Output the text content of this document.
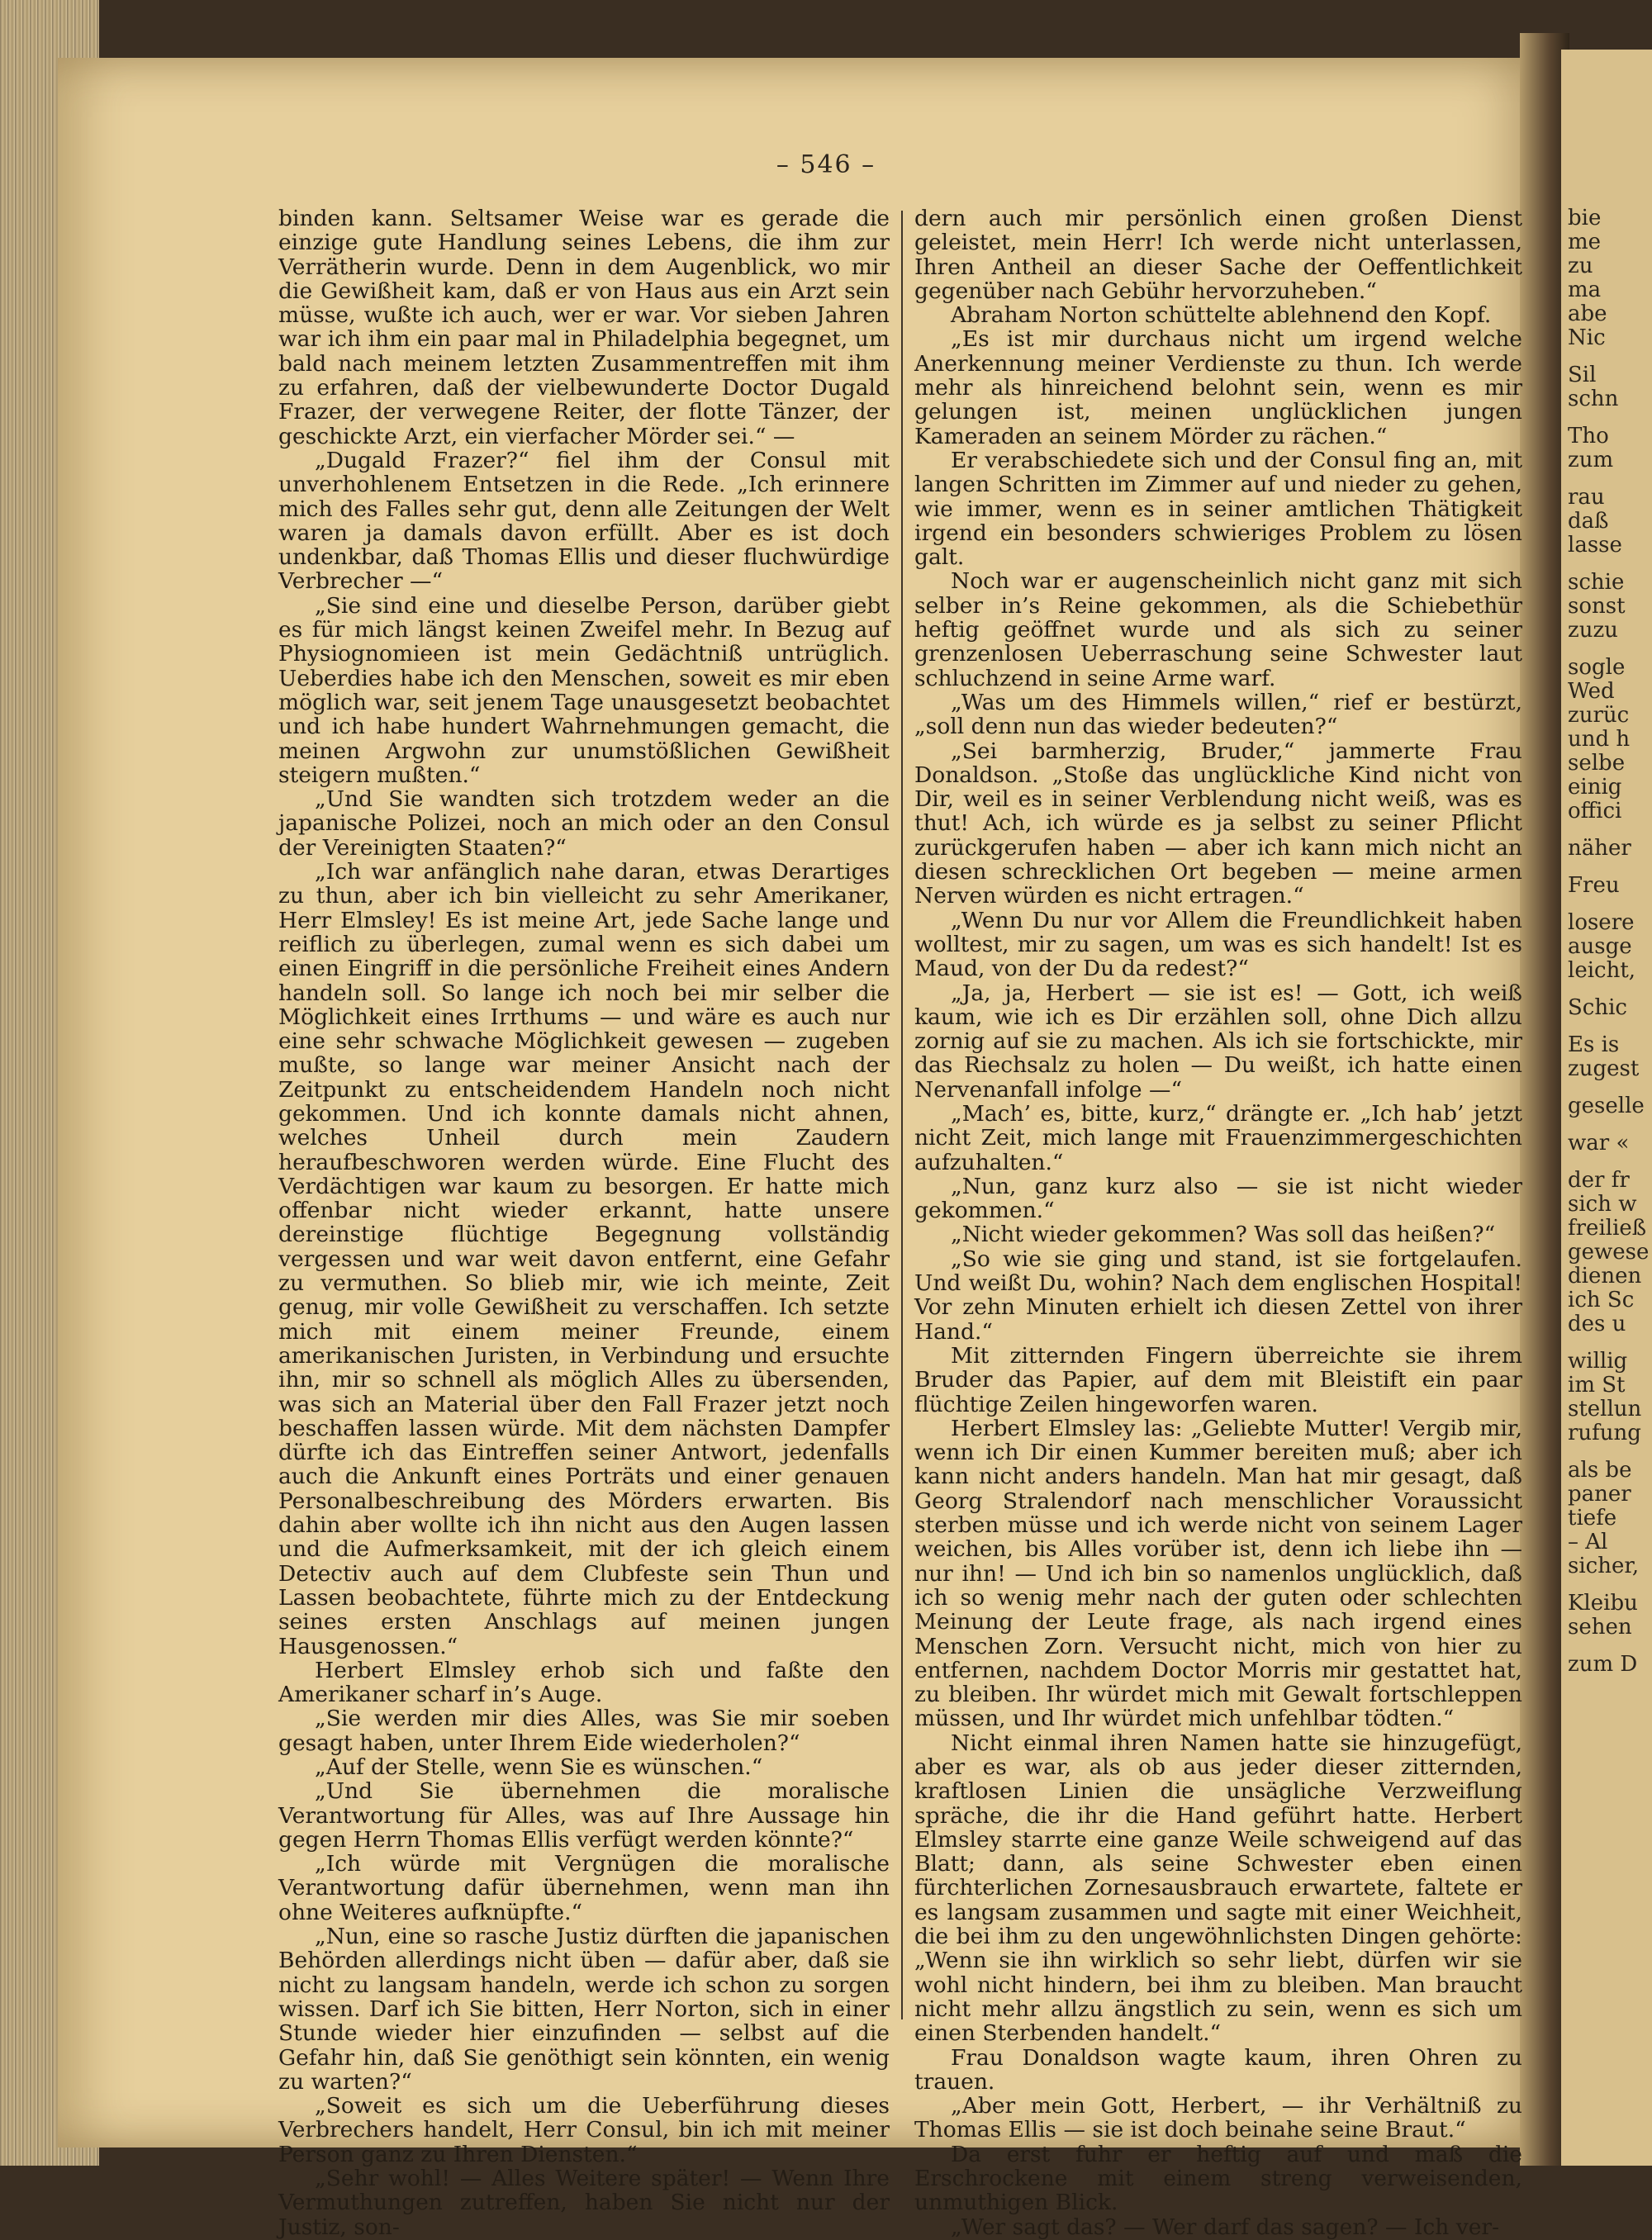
bie
me
zu
ma
abe
Nic
Sil
schn
Tho
zum
rau
daß
lasse
schie
sonst
zuzu
sogle
Wed
zurüc
und h
selbe
einig
offici
näher
Freu
losere
ausge
leicht,
Schic
Es is
zugest
geselle
war «
der fr
sich w
freiließ
gewese
dienen
ich Sc
des u
willig
im St
stellun
rufung
als be
paner
tiefe
– Al
sicher,
Kleibu
sehen
zum D
– 546 –

binden kann. Seltsamer Weise war es gerade die einzige gute Handlung seines Lebens, die ihm zur Verrätherin wurde. Denn in dem Augenblick, wo mir die Gewißheit kam, daß er von Haus aus ein Arzt sein müsse, wußte ich auch, wer er war. Vor sieben Jahren war ich ihm ein paar mal in Philadelphia begegnet, um bald nach meinem letzten Zusammentreffen mit ihm zu erfahren, daß der vielbewunderte Doctor Dugald Frazer, der verwegene Reiter, der flotte Tänzer, der geschickte Arzt, ein vierfacher Mörder sei.“ —

„Dugald Frazer?“ fiel ihm der Consul mit unverhohlenem Entsetzen in die Rede. „Ich erinnere mich des Falles sehr gut, denn alle Zeitungen der Welt waren ja damals davon erfüllt. Aber es ist doch undenkbar, daß Thomas Ellis und dieser fluchwürdige Verbrecher —“

„Sie sind eine und dieselbe Person, darüber giebt es für mich längst keinen Zweifel mehr. In Bezug auf Physiognomieen ist mein Gedächtniß untrüglich. Ueberdies habe ich den Menschen, soweit es mir eben möglich war, seit jenem Tage unausgesetzt beobachtet und ich habe hundert Wahrnehmungen gemacht, die meinen Argwohn zur unumstößlichen Gewißheit steigern mußten.“

„Und Sie wandten sich trotzdem weder an die japanische Polizei, noch an mich oder an den Consul der Vereinigten Staaten?“

„Ich war anfänglich nahe daran, etwas Derartiges zu thun, aber ich bin vielleicht zu sehr Amerikaner, Herr Elmsley! Es ist meine Art, jede Sache lange und reiflich zu überlegen, zumal wenn es sich dabei um einen Eingriff in die persönliche Freiheit eines Andern handeln soll. So lange ich noch bei mir selber die Möglichkeit eines Irrthums — und wäre es auch nur eine sehr schwache Möglichkeit gewesen — zugeben mußte, so lange war meiner Ansicht nach der Zeitpunkt zu entscheidendem Handeln noch nicht gekommen. Und ich konnte damals nicht ahnen, welches Unheil durch mein Zaudern heraufbeschworen werden würde. Eine Flucht des Verdächtigen war kaum zu besorgen. Er hatte mich offenbar nicht wieder erkannt, hatte unsere dereinstige flüchtige Begegnung vollständig vergessen und war weit davon entfernt, eine Gefahr zu vermuthen. So blieb mir, wie ich meinte, Zeit genug, mir volle Gewißheit zu verschaffen. Ich setzte mich mit einem meiner Freunde, einem amerikanischen Juristen, in Verbindung und ersuchte ihn, mir so schnell als möglich Alles zu übersenden, was sich an Material über den Fall Frazer jetzt noch beschaffen lassen würde. Mit dem nächsten Dampfer dürfte ich das Eintreffen seiner Antwort, jedenfalls auch die Ankunft eines Porträts und einer genauen Personalbeschreibung des Mörders erwarten. Bis dahin aber wollte ich ihn nicht aus den Augen lassen und die Aufmerksamkeit, mit der ich gleich einem Detectiv auch auf dem Clubfeste sein Thun und Lassen beobachtete, führte mich zu der Entdeckung seines ersten Anschlags auf meinen jungen Hausgenossen.“

Herbert Elmsley erhob sich und faßte den Amerikaner scharf in’s Auge.

„Sie werden mir dies Alles, was Sie mir soeben gesagt haben, unter Ihrem Eide wiederholen?“

„Auf der Stelle, wenn Sie es wünschen.“

„Und Sie übernehmen die moralische Verantwortung für Alles, was auf Ihre Aussage hin gegen Herrn Thomas Ellis verfügt werden könnte?“

„Ich würde mit Vergnügen die moralische Verantwortung dafür übernehmen, wenn man ihn ohne Weiteres aufknüpfte.“

„Nun, eine so rasche Justiz dürften die japanischen Behörden allerdings nicht üben — dafür aber, daß sie nicht zu langsam handeln, werde ich schon zu sorgen wissen. Darf ich Sie bitten, Herr Norton, sich in einer Stunde wieder hier einzufinden — selbst auf die Gefahr hin, daß Sie genöthigt sein könnten, ein wenig zu warten?“

„Soweit es sich um die Ueberführung dieses Verbrechers handelt, Herr Consul, bin ich mit meiner Person ganz zu Ihren Diensten.“

„Sehr wohl! — Alles Weitere später! — Wenn Ihre Vermuthungen zutreffen, haben Sie nicht nur der Justiz, son-

dern auch mir persönlich einen großen Dienst geleistet, mein Herr! Ich werde nicht unterlassen, Ihren Antheil an dieser Sache der Oeffentlichkeit gegenüber nach Gebühr hervorzuheben.“

Abraham Norton schüttelte ablehnend den Kopf.

„Es ist mir durchaus nicht um irgend welche Anerkennung meiner Verdienste zu thun. Ich werde mehr als hinreichend belohnt sein, wenn es mir gelungen ist, meinen unglücklichen jungen Kameraden an seinem Mörder zu rächen.“

Er verabschiedete sich und der Consul fing an, mit langen Schritten im Zimmer auf und nieder zu gehen, wie immer, wenn es in seiner amtlichen Thätigkeit irgend ein besonders schwieriges Problem zu lösen galt.

Noch war er augenscheinlich nicht ganz mit sich selber in’s Reine gekommen, als die Schiebethür heftig geöffnet wurde und als sich zu seiner grenzenlosen Ueberraschung seine Schwester laut schluchzend in seine Arme warf.

„Was um des Himmels willen,“ rief er bestürzt, „soll denn nun das wieder bedeuten?“

„Sei barmherzig, Bruder,“ jammerte Frau Donaldson. „Stoße das unglückliche Kind nicht von Dir, weil es in seiner Verblendung nicht weiß, was es thut! Ach, ich würde es ja selbst zu seiner Pflicht zurückgerufen haben — aber ich kann mich nicht an diesen schrecklichen Ort begeben — meine armen Nerven würden es nicht ertragen.“

„Wenn Du nur vor Allem die Freundlichkeit haben wolltest, mir zu sagen, um was es sich handelt! Ist es Maud, von der Du da redest?“

„Ja, ja, Herbert — sie ist es! — Gott, ich weiß kaum, wie ich es Dir erzählen soll, ohne Dich allzu zornig auf sie zu machen. Als ich sie fortschickte, mir das Riechsalz zu holen — Du weißt, ich hatte einen Nervenanfall infolge —“

„Mach’ es, bitte, kurz,“ drängte er. „Ich hab’ jetzt nicht Zeit, mich lange mit Frauenzimmergeschichten aufzuhalten.“

„Nun, ganz kurz also — sie ist nicht wieder gekommen.“

„Nicht wieder gekommen? Was soll das heißen?“

„So wie sie ging und stand, ist sie fortgelaufen. Und weißt Du, wohin? Nach dem englischen Hospital! Vor zehn Minuten erhielt ich diesen Zettel von ihrer Hand.“

Mit zitternden Fingern überreichte sie ihrem Bruder das Papier, auf dem mit Bleistift ein paar flüchtige Zeilen hingeworfen waren.

Herbert Elmsley las: „Geliebte Mutter! Vergib mir, wenn ich Dir einen Kummer bereiten muß; aber ich kann nicht anders handeln. Man hat mir gesagt, daß Georg Stralendorf nach menschlicher Voraussicht sterben müsse und ich werde nicht von seinem Lager weichen, bis Alles vorüber ist, denn ich liebe ihn — nur ihn! — Und ich bin so namenlos unglücklich, daß ich so wenig mehr nach der guten oder schlechten Meinung der Leute frage, als nach irgend eines Menschen Zorn. Versucht nicht, mich von hier zu entfernen, nachdem Doctor Morris mir gestattet hat, zu bleiben. Ihr würdet mich mit Gewalt fortschleppen müssen, und Ihr würdet mich unfehlbar tödten.“

Nicht einmal ihren Namen hatte sie hinzugefügt, aber es war, als ob aus jeder dieser zitternden, kraftlosen Linien die unsägliche Verzweiflung spräche, die ihr die Hand geführt hatte. Herbert Elmsley starrte eine ganze Weile schweigend auf das Blatt; dann, als seine Schwester eben einen fürchterlichen Zornesausbrauch erwartete, faltete er es langsam zusammen und sagte mit einer Weichheit, die bei ihm zu den ungewöhnlichsten Dingen gehörte: „Wenn sie ihn wirklich so sehr liebt, dürfen wir sie wohl nicht hindern, bei ihm zu bleiben. Man braucht nicht mehr allzu ängstlich zu sein, wenn es sich um einen Sterbenden handelt.“

Frau Donaldson wagte kaum, ihren Ohren zu trauen.

„Aber mein Gott, Herbert, — ihr Verhältniß zu Thomas Ellis — sie ist doch beinahe seine Braut.“

Da erst fuhr er heftig auf und maß die Erschrockene mit einem streng verweisenden, unmuthigen Blick.

„Wer sagt das? — Wer darf das sagen? — Ich ver-
